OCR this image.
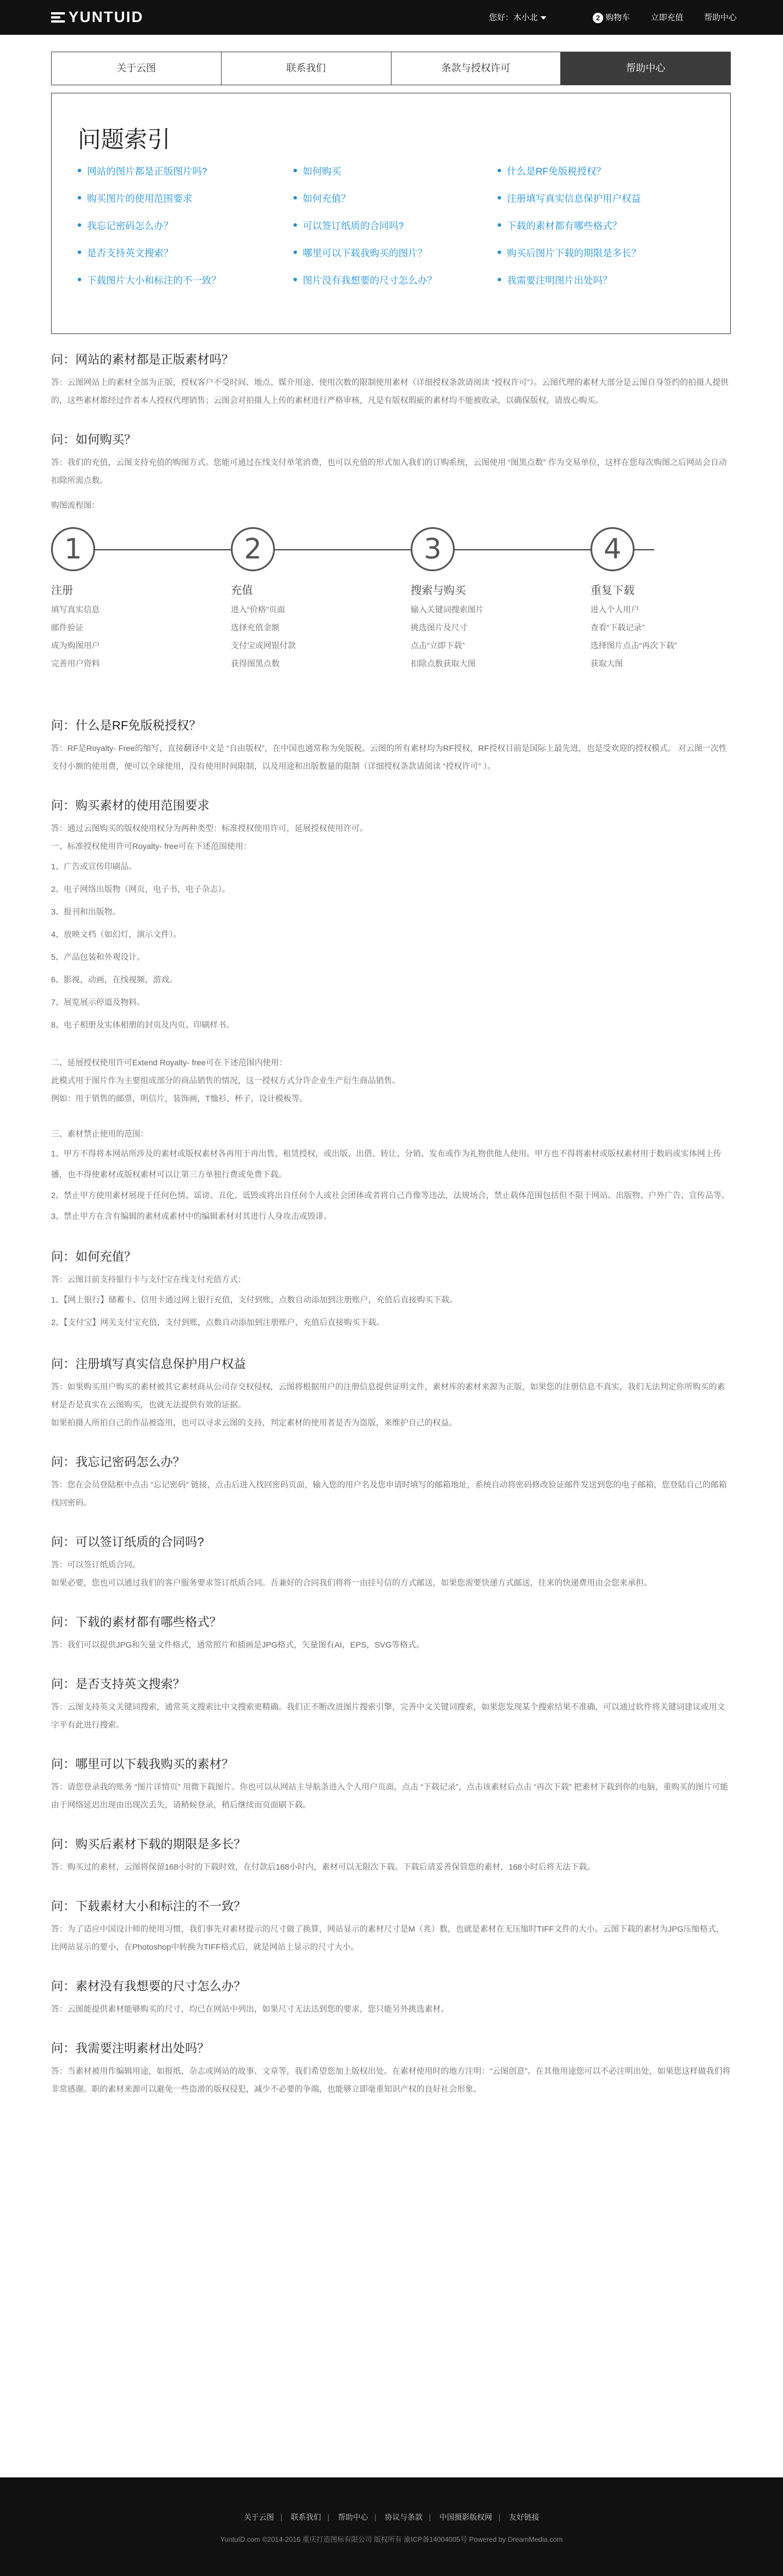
YUNTUID	您好：木小北	2 购物车	立即充值	帮助中心
关于云图	联系我们	条款与授权许可	帮助中心
问题索引
网站的图片都是正版图片吗?	如何购买	什么是RF免版税授权？
购买图片的使用范围要求	如何充值？	注册填写真实信息保护用户权益
我忘记密码怎么办？	可以签订纸质的合同吗?	下载的素材都有哪些格式？
是否支持英文搜索？	哪里可以下载我购买的图片？	购买后图片下载的期限是多长？
下载图片大小和标注的不一致？	图片没有我想要的尺寸怎么办？	我需要注明图片出处吗？
问：网站的素材都是正版素材吗？

答：云图网站上的素材全部为正版，授权客户不受时间、地点、媒介用途、使用次数的限制使用素材（详细授权条款请阅读 “授权许可”）。云图代理的素材大部分是云图自身签约的拍摄人提供的，这些素材都经过作者本人授权代理销售；云图会对拍摄人上传的素材进行严格审核，凡是有版权瑕疵的素材均不能被收录，以确保版权，请放心购买。

问：如何购买？

答：我们的充值，云图支持充值的购图方式。您能可通过在线支付单笔消费，也可以充值的形式加入我们的订购系统，云图使用 “图黑点数” 作为交易单位，这样在您每次购图之后网站会自动扣除所需点数。

购图流程图：

1
注册
填写真实信息
邮件验证
成为购图用户
完善用户资料
2
充值
进入“价格”页面
选择充值金额
支付宝或网银付款
获得图黑点数
3
搜索与购买
输入关键词搜索图片
挑选图片及尺寸
点击“立即下载”
扣除点数获取大图
4
重复下载
进入个人用户
查看“下载记录”
选择图片点击“再次下载”
获取大图
问：什么是RF免版税授权？

答：RF是Royalty- Free的缩写，直接翻译中文是 “自由版权”，在中国也通常称为免版税。云图的所有素材均为RF授权，RF授权目前是国际上最先进，也是受欢迎的授权模式。 对云图一次性支付小额的使用费，便可以全球使用，没有使用时间限制，以及用途和出版数量的限制（详细授权条款请阅读 “授权许可” ）。

问：购买素材的使用范围要求

答：通过云图购买的版权使用权分为两种类型：标准授权使用许可，延展授权使用许可。

一、标准授权使用许可Royalty- free可在下述范围使用：

1、广告或宣传印刷品。

2、电子网络出版物（网页，电子书，电子杂志）。

3、报刊和出版物。

4、放映文档（如幻灯，演示文件）。

5、产品包装和外观设计。

6、影视，动画，在线视频，游戏。

7、展览展示停道及物料。

8、电子相册及实体相册的封页及内页、印刷样书。

二、延展授权使用许可Extend Royalty- free可在下述范围内使用：

此模式用于图片作为主要组成部分的商品销售的情况，这一授权方式分许企业生产衍生商品销售。

例如：用于销售的邮票，明信片，装饰画，T恤衫，杯子，设计模板等。

三、素材禁止使用的范围：

1、甲方不得将本网站所涉及的素材或版权素材各再用于再出售、租赁授权，或出版、出借、转让、分销、发布或作为礼物供他人使用。甲方也不得将素材或版权素材用于数码或实体网上传播，也不得使素材或版权素材可以让第三方单独行费或免费下载。

2、禁止甲方使用素材展现于任何色情、谣谤、丑化、诋毁或将出自任何个人或社会团体或者将自己肖像等违法，法规场合，禁止载体范围包括但不限于网站、出版物、户外广告、宣传品等。

3、禁止甲方在含有编辑的素材或素材中的编辑素材对其进行人身攻击或毁诽。

问：如何充值？

答：云图目前支持银行卡与支付宝在线支付充值方式：

1、【网上银行】储蓄卡、信用卡通过网上银行充值，支付到账，点数自动添加到注册账户，充值后直接购买下载。

2、【支付宝】网关支付宝充值，支付到账，点数自动添加到注册账户，充值后直接购买下载。

问：注册填写真实信息保护用户权益

答：如果购买用户购买的素材被其它素材商从公司存交权侵权，云图将根据用户的注册信息提供证明文件，素材库的素材来源为正版，如果您的注册信息不真实，我们无法判定你所购买的素材是否是真实在云图购买，也就无法提供有效的证据。

如果拍摄人所拍自己的作品被盗用，也可以寻求云图的支持，判定素材的使用者是否为盗版，来维护自己的权益。

问：我忘记密码怎么办？

答：您在会员登陆框中点击 “忘记密码” 链接，点击后进入找回密码页面，输入您的用户名及您申请时填写的邮箱地址，系统自动将密码修改验证邮件发送到您的电子邮箱，您登陆自己的邮箱找回密码。

问：可以签订纸质的合同吗?

答：可以签订纸质合同。

如果必要，您也可以通过我们的客户服务要求签订纸质合同。吾兼好的合同我们将将一由挂号信的方式邮送，如果您需要快递方式邮送，往来的快递费用由会您来承担。

问：下载的素材都有哪些格式？

答：我们可以提供JPG和矢量文件格式，通常照片和插画是JPG格式，矢量图有AI，EPS，SVG等格式。

问：是否支持英文搜索？

答：云图支持英文关键词搜索，通常英文搜索比中文搜索更精确。我们正不断改进图片搜索引擎，完善中文关键词搜索，如果您发现某个搜索结果不准确，可以通过软件将关键词建议或用文字平有此进行搜索。

问：哪里可以下载我购买的素材？

答：请您登录我的账务 “图片详情页” 用微下载图片。你也可以从网站主导航条进入个人用户页面，点击 “下载记录”，点击该素材后点击 “再次下载” 把素材下载到你的电脑，重购买的图片可能由于网络延迟出现由出现次丢失，请稍候登录，稍后继续而页面刷下载。

问：购买后素材下载的期限是多长？

答：购买过的素材，云图将保留168小时的下载时效，在付款后168小时内，素材可以无限次下载。下载后请妥善保管您的素材，168小时后将无法下载。

问：下载素材大小和标注的不一致？

答：为了适应中国设计师的使用习惯，我们事先对素材提示的尺寸做了换算，网站显示的素材尺寸是M（兆）数，也就是素材在无压缩时TIFF文件的大小。云图下载的素材为JPG压缩格式，比网站显示的要小，在Photoshop中转换为TIFF格式后，就是网站上显示的尺寸大小。

问：素材没有我想要的尺寸怎么办？

答：云图能提供素材能够购买的尺寸，均已在网站中列出，如果尺寸无法达到您的要求，您只能另外挑选素材。

问：我需要注明素材出处吗？

答：当素材被用作编辑用途，如报纸、杂志或网站的故事、文章等，我们希望您加上版权出处。在素材使用时的地方注明：“云图创意”。在其他用途您可以不必注明出处，如果您这样做我们将非常感谢。职的素材来源可以避免一些盗滑的版权侵犯，减少不必要的争端，也能够立即毫重知识产权的良好社会形象。

关于云图 | 联系我们 | 帮助中心 | 协议与条款 | 中国摄影版权网 | 友好链接
YuntuID.com ©2014-2016 重庆打造图标有限公司 版权所有 渝ICP备14004005号 Powered by DreamMedia.com
